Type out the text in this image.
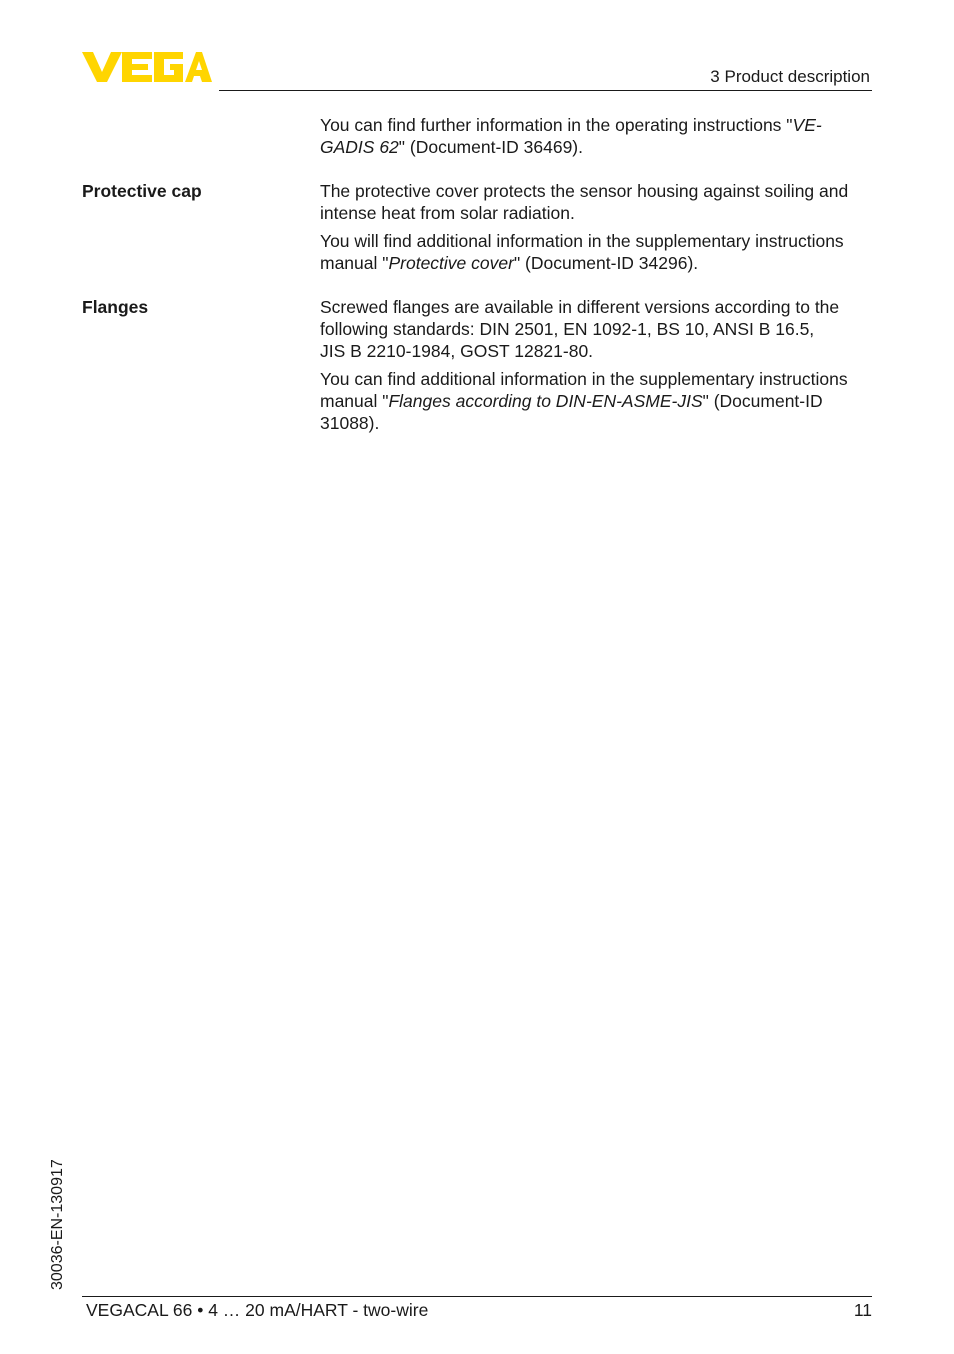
3 Product description

You can find further information in the operating instructions "VE-
GADIS 62" (Document-ID 36469).

Protective cap	The protective cover protects the sensor housing against soiling and intense heat from solar radiation.

You will find additional information in the supplementary instructions manual "Protective cover" (Document-ID 34296).

Flanges	Screwed flanges are available in different versions according to the
following standards: DIN 2501, EN 1092-1, BS 10, ANSI B 16.5,
JIS B 2210-1984, GOST 12821-80.

You can find additional information in the supplementary instructions manual "Flanges according to DIN-EN-ASME-JIS" (Document-ID 31088).

30036-EN-130917
VEGACAL 66 • 4 … 20 mA/HART - two-wire	11
